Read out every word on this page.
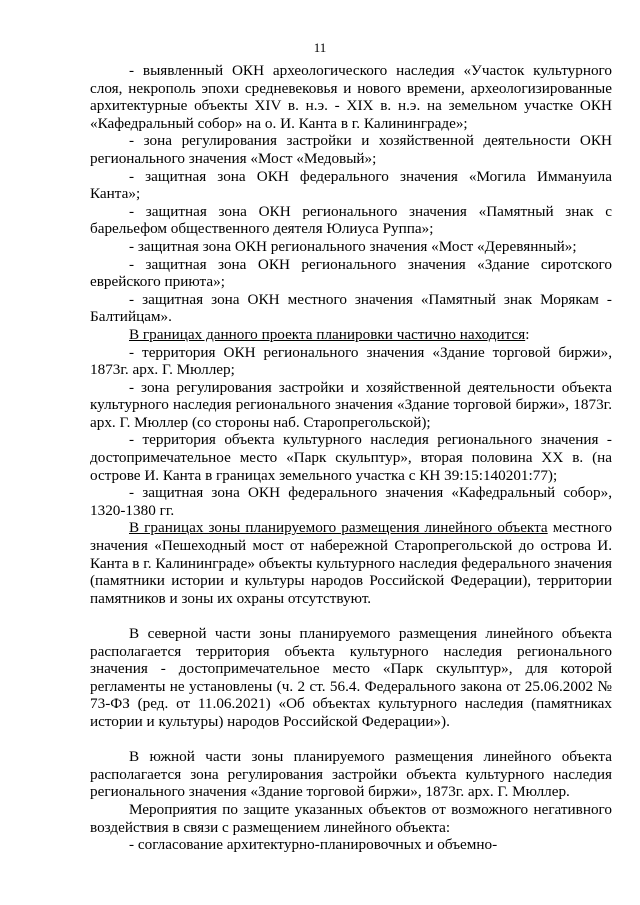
11

- выявленный ОКН археологического наследия «Участок культурного слоя, некрополь эпохи средневековья и нового времени, археологизированные архитектурные объекты XIV в. н.э. - XIX в. н.э. на земельном участке ОКН «Кафедральный собор» на о. И. Канта в г. Калининграде»;

- зона регулирования застройки и хозяйственной деятельности ОКН регионального значения «Мост «Медовый»;

- защитная зона ОКН федерального значения «Могила Иммануила Канта»;

- защитная зона ОКН регионального значения «Памятный знак с барельефом общественного деятеля Юлиуса Руппа»;

- защитная зона ОКН регионального значения «Мост «Деревянный»;

- защитная зона ОКН регионального значения «Здание сиротского еврейского приюта»;

- защитная зона ОКН местного значения «Памятный знак Морякам - Балтийцам».

В границах данного проекта планировки частично находится:

- территория ОКН регионального значения «Здание торговой биржи», 1873г. арх. Г. Мюллер;

- зона регулирования застройки и хозяйственной деятельности объекта культурного наследия регионального значения «Здание торговой биржи», 1873г. арх. Г. Мюллер (со стороны наб. Старопрегольской);

- территория объекта культурного наследия регионального значения - достопримечательное место «Парк скульптур», вторая половина XX в. (на острове И. Канта в границах земельного участка с КН 39:15:140201:77);

- защитная зона ОКН федерального значения «Кафедральный собор», 1320-1380 гг.

В границах зоны планируемого размещения линейного объекта местного значения «Пешеходный мост от набережной Старопрегольской до острова И. Канта в г. Калининграде» объекты культурного наследия федерального значения (памятники истории и культуры народов Российской Федерации), территории памятников и зоны их охраны отсутствуют.

В северной части зоны планируемого размещения линейного объекта располагается территория объекта культурного наследия регионального значения - достопримечательное место «Парк скульптур», для которой регламенты не установлены (ч. 2 ст. 56.4. Федерального закона от 25.06.2002 № 73-ФЗ (ред. от 11.06.2021) «Об объектах культурного наследия (памятниках истории и культуры) народов Российской Федерации»).

В южной части зоны планируемого размещения линейного объекта располагается зона регулирования застройки объекта культурного наследия регионального значения «Здание торговой биржи», 1873г. арх. Г. Мюллер.

Мероприятия по защите указанных объектов от возможного негативного воздействия в связи с размещением линейного объекта:

- согласование архитектурно-планировочных и объемно-
